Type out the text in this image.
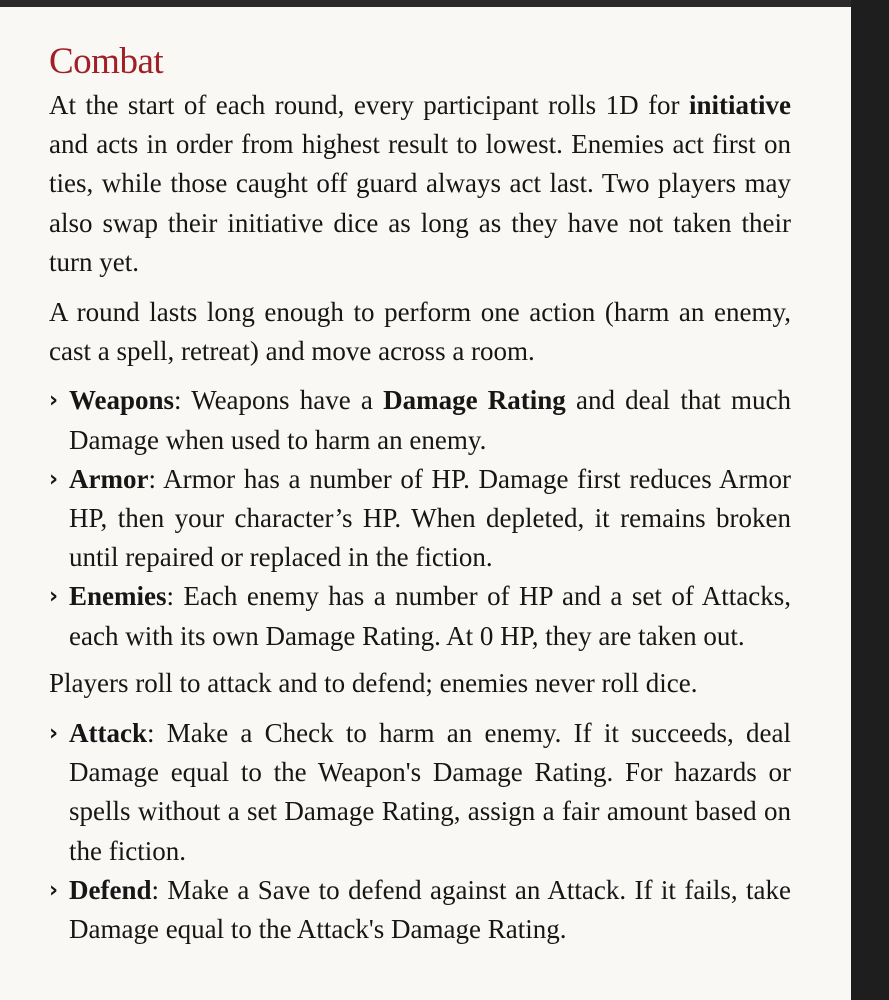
Combat

At the start of each round, every participant rolls 1D for initiative and acts in order from highest result to lowest. Enemies act first on ties, while those caught off guard always act last. Two players may also swap their initiative dice as long as they have not taken their turn yet.

A round lasts long enough to perform one action (harm an enemy, cast a spell, retreat) and move across a room.

› Weapons: Weapons have a Damage Rating and deal that much Damage when used to harm an enemy.
› Armor: Armor has a number of HP. Damage first reduces Armor HP, then your character’s HP. When depleted, it remains broken until repaired or replaced in the fiction.
› Enemies: Each enemy has a number of HP and a set of Attacks, each with its own Damage Rating. At 0 HP, they are taken out.

Players roll to attack and to defend; enemies never roll dice.

› Attack: Make a Check to harm an enemy. If it succeeds, deal Damage equal to the Weapon's Damage Rating. For hazards or spells without a set Damage Rating, assign a fair amount based on the fiction.
› Defend: Make a Save to defend against an Attack. If it fails, take Damage equal to the Attack's Damage Rating.
